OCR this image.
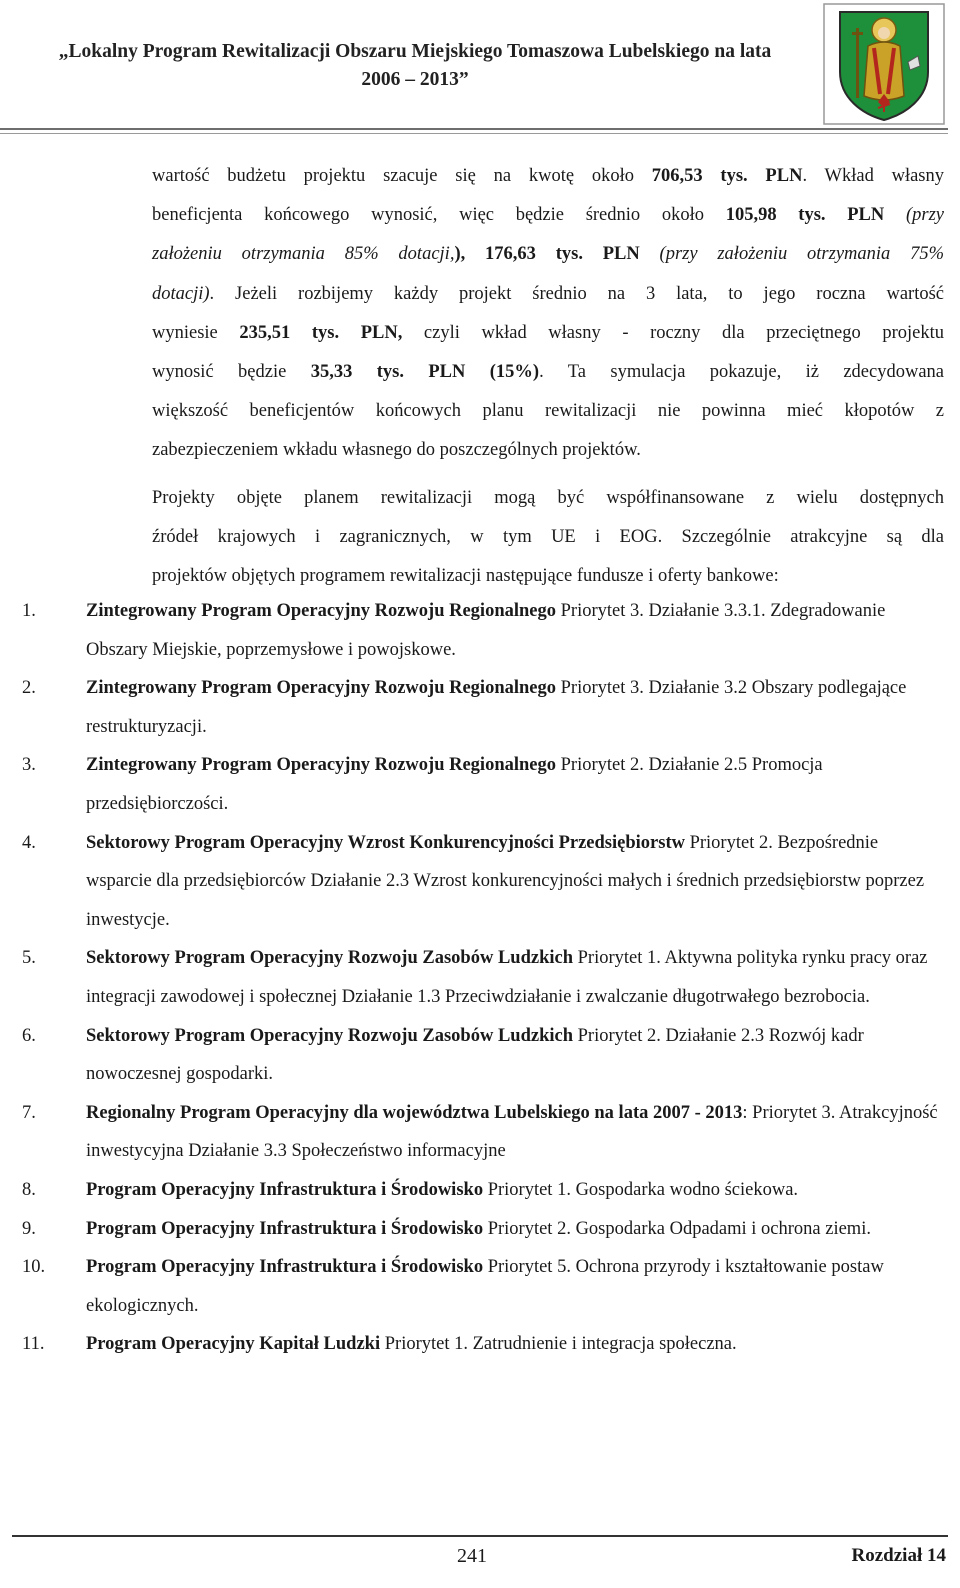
„Lokalny Program Rewitalizacji Obszaru Miejskiego Tomaszowa Lubelskiego na lata
2006 – 2013”

wartość budżetu projektu szacuje się na kwotę około 706,53 tys. PLN. Wkład własny
beneficjenta końcowego wynosić, więc będzie średnio około 105,98 tys. PLN (przy
założeniu otrzymania 85% dotacji,), 176,63 tys. PLN (przy założeniu otrzymania 75%
dotacji). Jeżeli rozbijemy każdy projekt średnio na 3 lata, to jego roczna wartość
wyniesie 235,51 tys. PLN, czyli wkład własny - roczny dla przeciętnego projektu
wynosić będzie 35,33 tys. PLN (15%). Ta symulacja pokazuje, iż zdecydowana
większość beneficjentów końcowych planu rewitalizacji nie powinna mieć kłopotów z
zabezpieczeniem wkładu własnego do poszczególnych projektów.

Projekty objęte planem rewitalizacji mogą być współfinansowane z wielu dostępnych
źródeł krajowych i zagranicznych, w tym UE i EOG. Szczególnie atrakcyjne są dla
projektów objętych programem rewitalizacji następujące fundusze i oferty bankowe:

1.	Zintegrowany Program Operacyjny Rozwoju Regionalnego Priorytet 3. Działanie 3.3.1. Zdegradowanie Obszary Miejskie, poprzemysłowe i powojskowe.
2.	Zintegrowany Program Operacyjny Rozwoju Regionalnego Priorytet 3. Działanie 3.2 Obszary podlegające restrukturyzacji.
3.	Zintegrowany Program Operacyjny Rozwoju Regionalnego Priorytet 2. Działanie 2.5 Promocja przedsiębiorczości.
4.	Sektorowy Program Operacyjny Wzrost Konkurencyjności Przedsiębiorstw Priorytet 2. Bezpośrednie wsparcie dla przedsiębiorców Działanie 2.3 Wzrost konkurencyjności małych i średnich przedsiębiorstw poprzez inwestycje.
5.	Sektorowy Program Operacyjny Rozwoju Zasobów Ludzkich Priorytet 1. Aktywna polityka rynku pracy oraz integracji zawodowej i społecznej Działanie 1.3 Przeciwdziałanie i zwalczanie długotrwałego bezrobocia.
6.	Sektorowy Program Operacyjny Rozwoju Zasobów Ludzkich Priorytet 2. Działanie 2.3 Rozwój kadr nowoczesnej gospodarki.
7.	Regionalny Program Operacyjny dla województwa Lubelskiego na lata 2007 - 2013: Priorytet 3. Atrakcyjność inwestycyjna Działanie 3.3 Społeczeństwo informacyjne
8.	Program Operacyjny Infrastruktura i Środowisko Priorytet 1. Gospodarka wodno ściekowa.
9.	Program Operacyjny Infrastruktura i Środowisko Priorytet 2. Gospodarka Odpadami i ochrona ziemi.
10.	Program Operacyjny Infrastruktura i Środowisko Priorytet 5. Ochrona przyrody i kształtowanie postaw ekologicznych.
11.	Program Operacyjny Kapitał Ludzki Priorytet 1. Zatrudnienie i integracja społeczna.
241	Rozdział 14
